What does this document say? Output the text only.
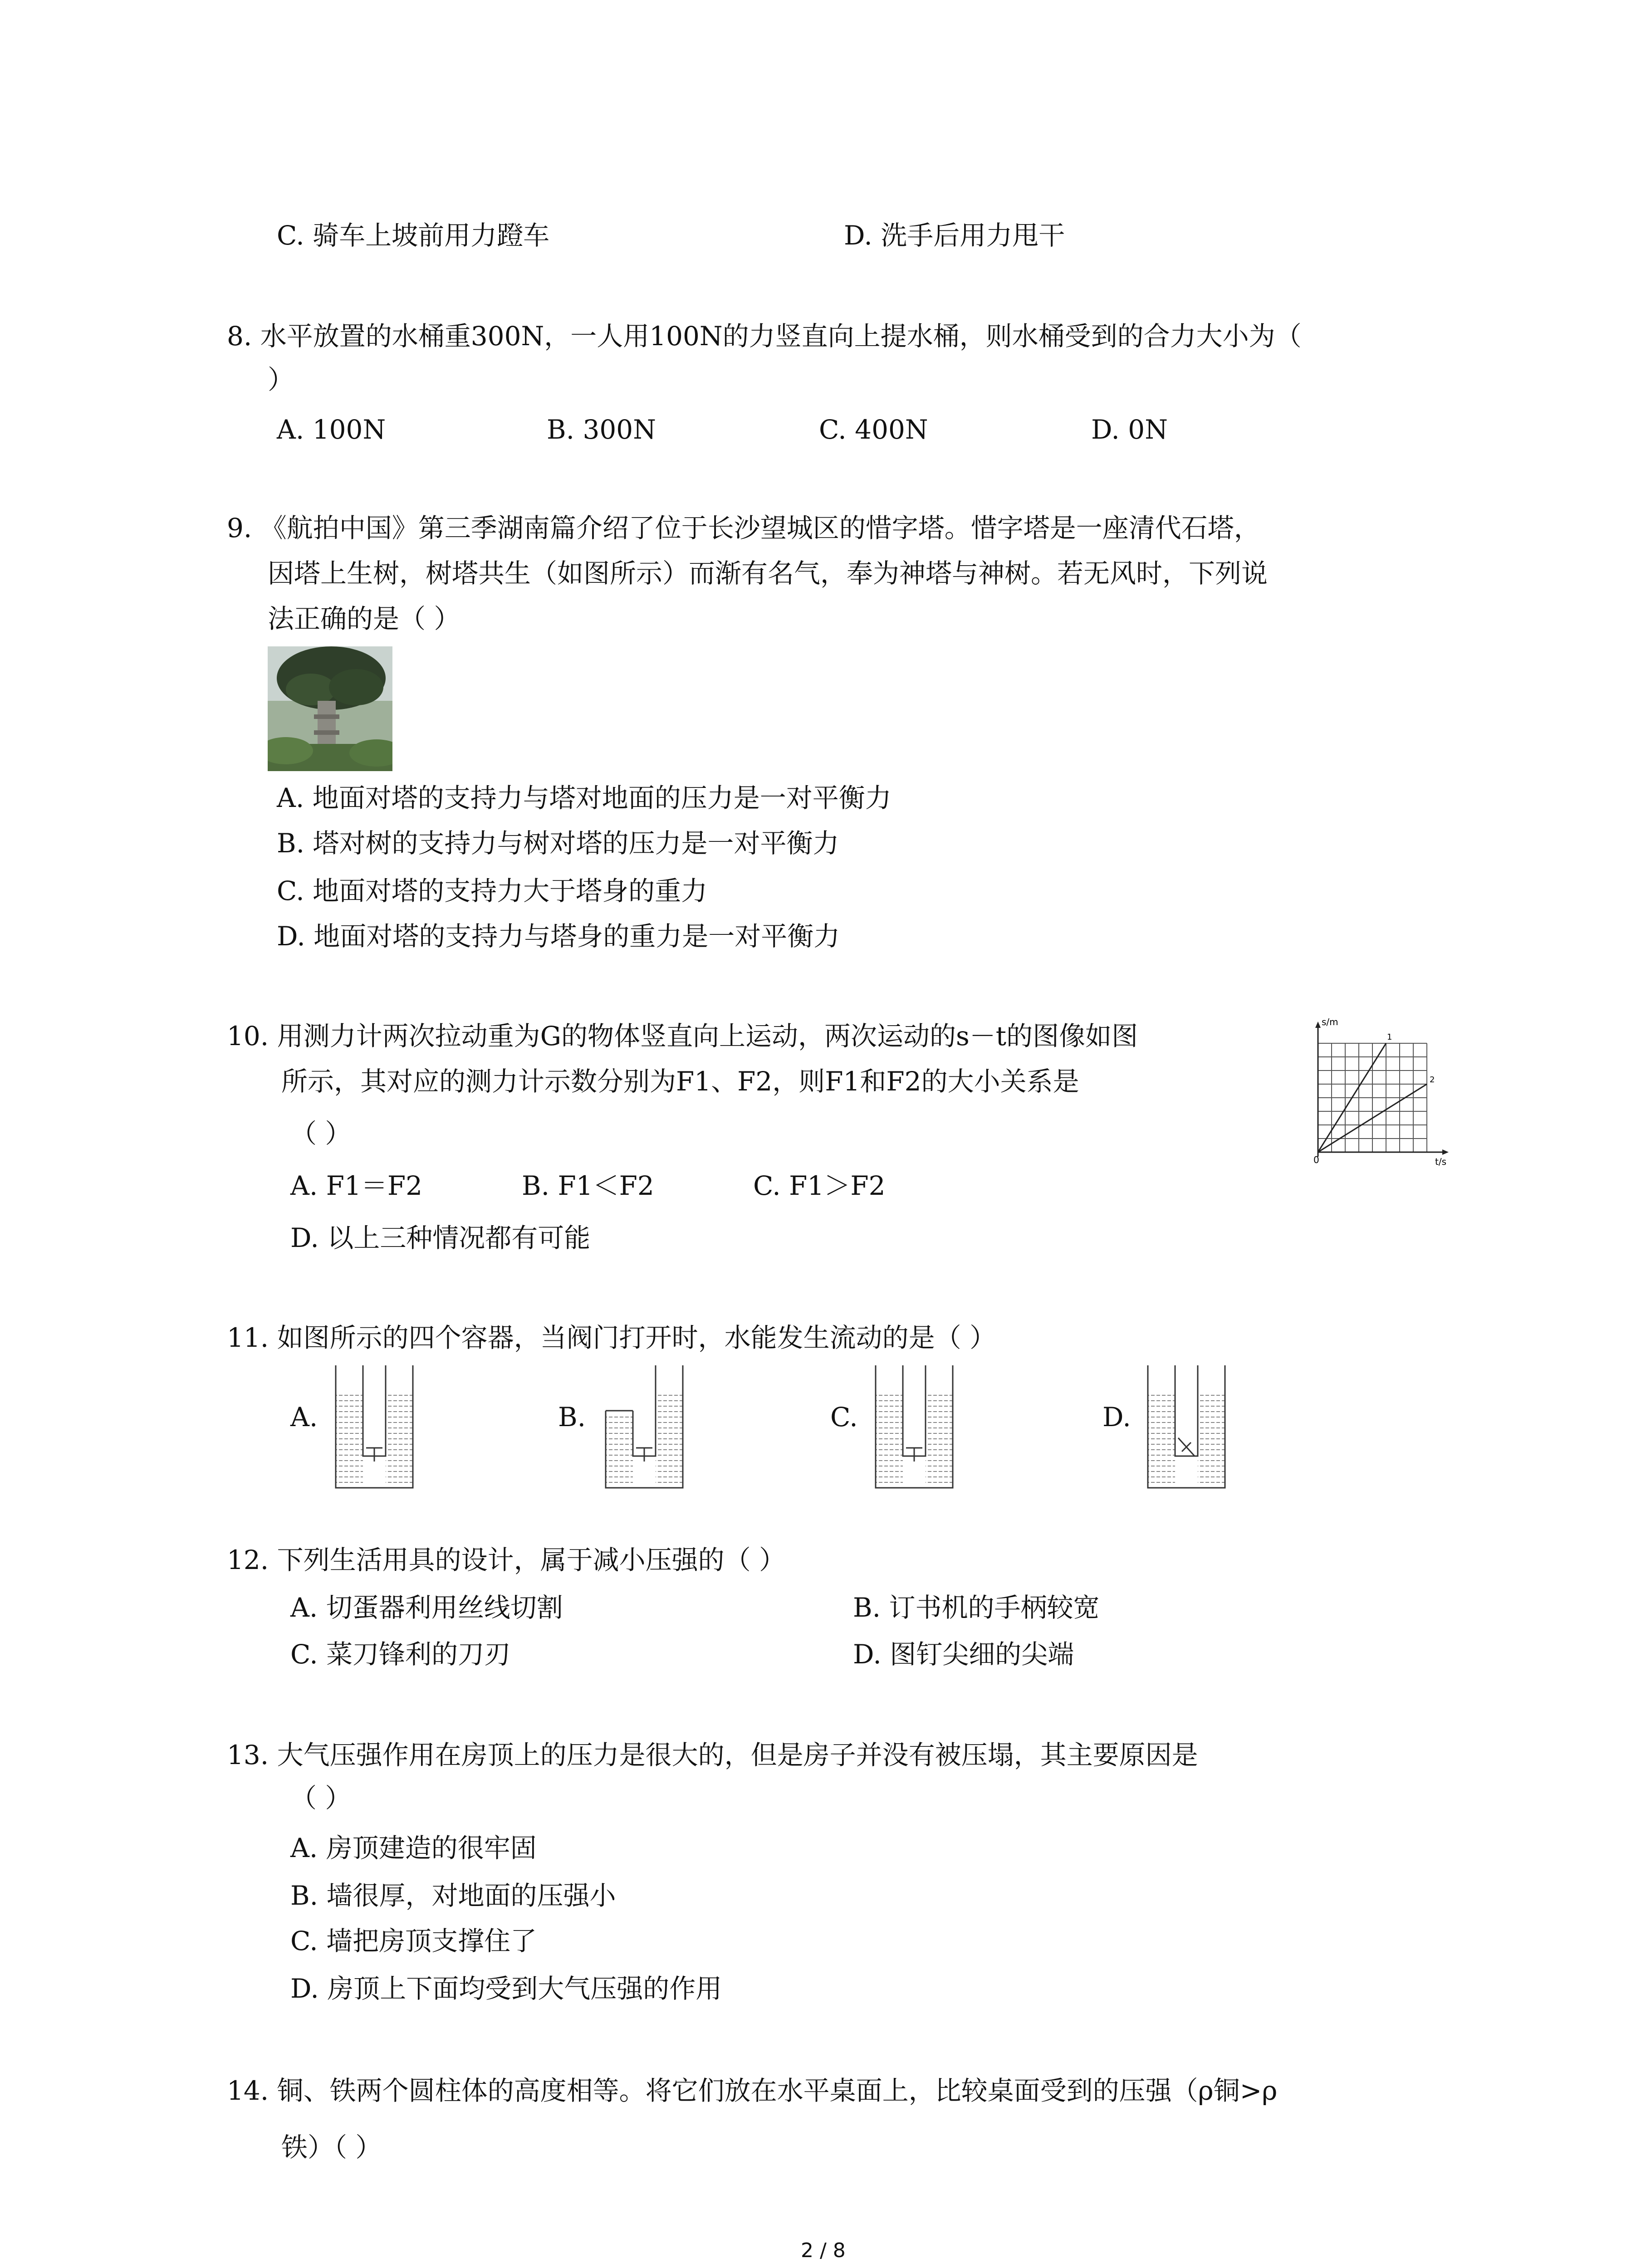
C. 骑车上坡前用力蹬车	D. 洗手后用力甩干
8. 水平放置的水桶重300N，一人用100N的力竖直向上提水桶，则水桶受到的合力大小为（
）
A. 100N	B. 300N	C. 400N	D. 0N
9. 《航拍中国》第三季湖南篇介绍了位于长沙望城区的惜字塔。惜字塔是一座清代石塔，
因塔上生树，树塔共生（如图所示）而渐有名气，奉为神塔与神树。若无风时，下列说
法正确的是（ ）
A. 地面对塔的支持力与塔对地面的压力是一对平衡力
B. 塔对树的支持力与树对塔的压力是一对平衡力
C. 地面对塔的支持力大于塔身的重力
D. 地面对塔的支持力与塔身的重力是一对平衡力
10. 用测力计两次拉动重为G的物体竖直向上运动，两次运动的s－t的图像如图
所示，其对应的测力计示数分别为F1、F2，则F1和F2的大小关系是
（ ）
A. F1＝F2	B. F1＜F2	C. F1＞F2
D. 以上三种情况都有可能
s/m
t/s
0
1
2
11. 如图所示的四个容器，当阀门打开时，水能发生流动的是（ ）
A.	B.	C.	D.
12. 下列生活用具的设计，属于减小压强的（ ）
A. 切蛋器利用丝线切割	B. 订书机的手柄较宽
C. 菜刀锋利的刀刃	D. 图钉尖细的尖端
13. 大气压强作用在房顶上的压力是很大的，但是房子并没有被压塌，其主要原因是
（ ）
A. 房顶建造的很牢固
B. 墙很厚，对地面的压强小
C. 墙把房顶支撑住了
D. 房顶上下面均受到大气压强的作用
14. 铜、铁两个圆柱体的高度相等。将它们放在水平桌面上，比较桌面受到的压强（ρ铜>ρ
铁）（ ）
2 / 8
